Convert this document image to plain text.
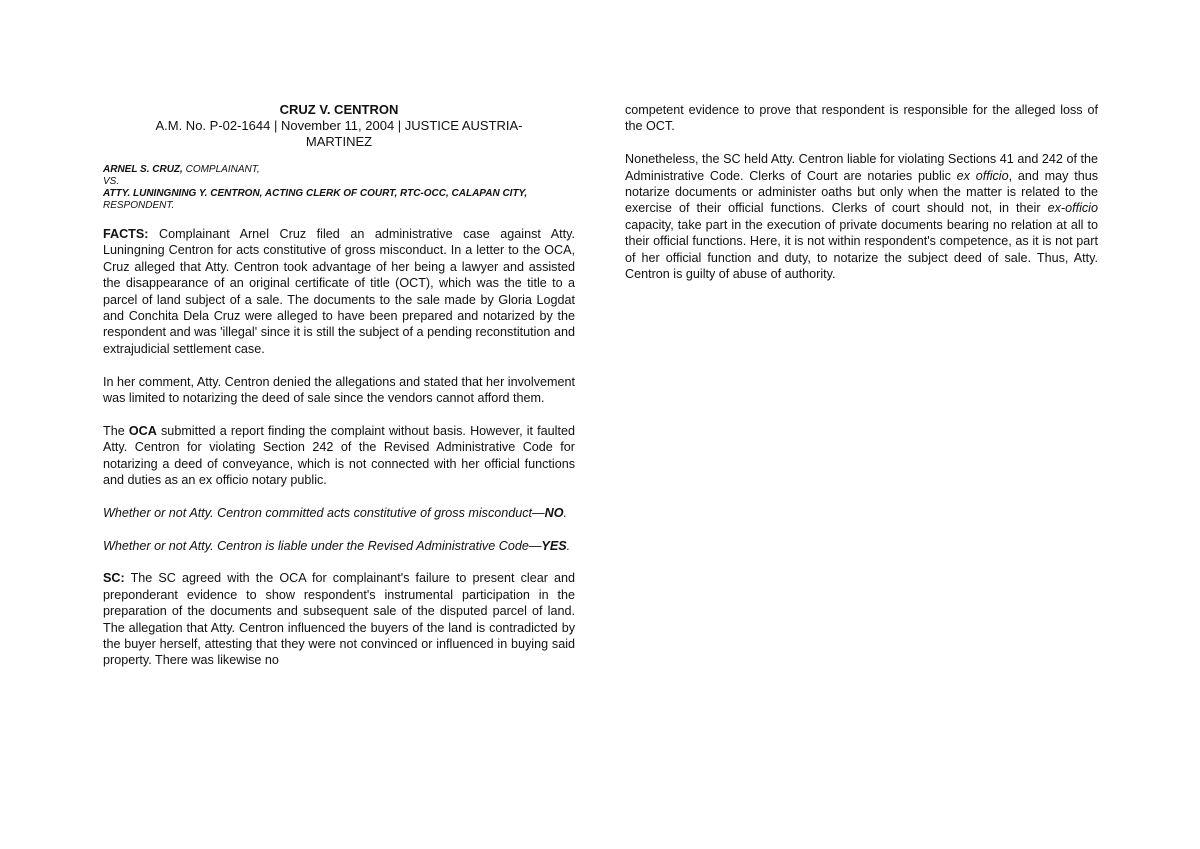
CRUZ V. CENTRON
A.M. No. P-02-1644 | November 11, 2004 | JUSTICE AUSTRIA-
MARTINEZ
ARNEL S. CRUZ, COMPLAINANT,
VS.
ATTY. LUNINGNING Y. CENTRON, ACTING CLERK OF COURT, RTC-OCC, CALAPAN CITY, RESPONDENT.

FACTS: Complainant Arnel Cruz filed an administrative case against Atty. Luningning Centron for acts constitutive of gross misconduct. In a letter to the OCA, Cruz alleged that Atty. Centron took advantage of her being a lawyer and assisted the disappearance of an original certificate of title (OCT), which was the title to a parcel of land subject of a sale. The documents to the sale made by Gloria Logdat and Conchita Dela Cruz were alleged to have been prepared and notarized by the respondent and was 'illegal' since it is still the subject of a pending reconstitution and extrajudicial settlement case.

In her comment, Atty. Centron denied the allegations and stated that her involvement was limited to notarizing the deed of sale since the vendors cannot afford them.

The OCA submitted a report finding the complaint without basis. However, it faulted Atty. Centron for violating Section 242 of the Revised Administrative Code for notarizing a deed of conveyance, which is not connected with her official functions and duties as an ex officio notary public.

Whether or not Atty. Centron committed acts constitutive of gross misconduct—NO.

Whether or not Atty. Centron is liable under the Revised Administrative Code—YES.

SC: The SC agreed with the OCA for complainant's failure to present clear and preponderant evidence to show respondent's instrumental participation in the preparation of the documents and subsequent sale of the disputed parcel of land. The allegation that Atty. Centron influenced the buyers of the land is contradicted by the buyer herself, attesting that they were not convinced or influenced in buying said property. There was likewise no

competent evidence to prove that respondent is responsible for the alleged loss of the OCT.

Nonetheless, the SC held Atty. Centron liable for violating Sections 41 and 242 of the Administrative Code. Clerks of Court are notaries public ex officio, and may thus notarize documents or administer oaths but only when the matter is related to the exercise of their official functions. Clerks of court should not, in their ex-officio capacity, take part in the execution of private documents bearing no relation at all to their official functions. Here, it is not within respondent's competence, as it is not part of her official function and duty, to notarize the subject deed of sale. Thus, Atty. Centron is guilty of abuse of authority.
